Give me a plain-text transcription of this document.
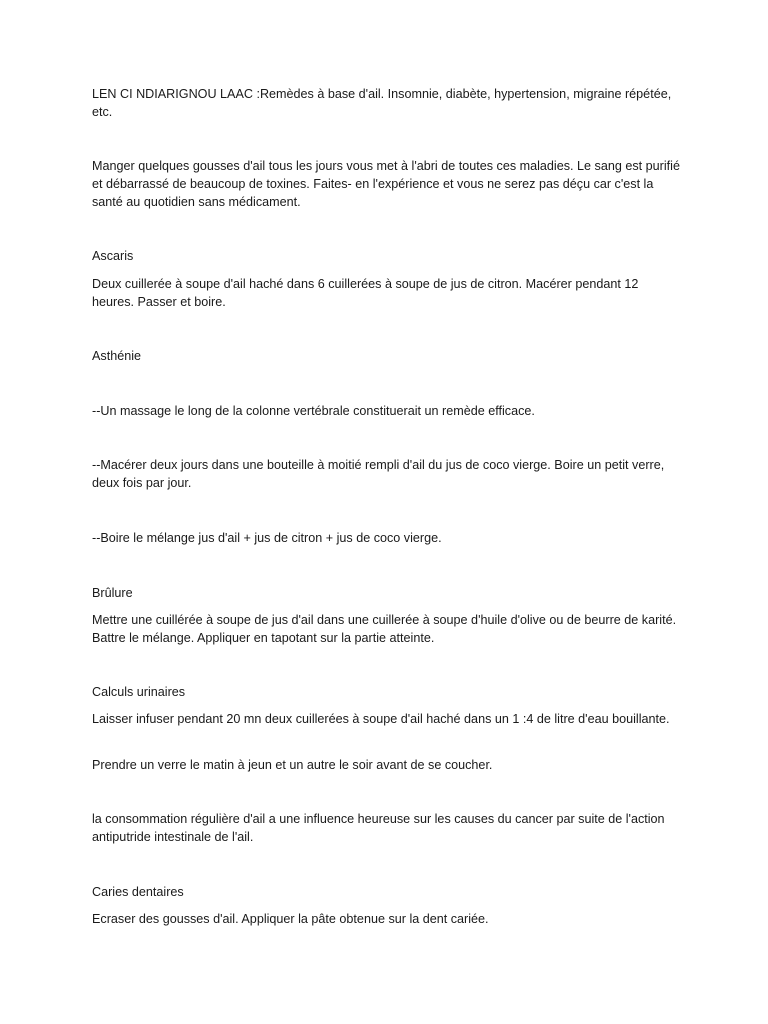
LEN CI NDIARIGNOU LAAC :Remèdes à base d'ail. Insomnie, diabète, hypertension, migraine répétée, etc.

Manger quelques gousses d'ail tous les jours vous met à l'abri de toutes ces maladies. Le sang est purifié et débarrassé de beaucoup de toxines. Faites- en l'expérience et vous ne serez pas déçu car c'est la santé au quotidien sans médicament.

Ascaris

Deux cuillerée à soupe d'ail haché dans 6 cuillerées à soupe de jus de citron. Macérer pendant 12 heures. Passer et boire.

Asthénie

--Un massage le long de la colonne vertébrale constituerait un remède efficace.

--Macérer deux jours dans une bouteille à moitié rempli d'ail du jus de coco vierge. Boire un petit verre, deux fois par jour.

--Boire le mélange jus d'ail + jus de citron + jus de coco vierge.

Brûlure

Mettre une cuillérée à soupe de jus d'ail dans une cuillerée à soupe d'huile d'olive ou de beurre de karité. Battre le mélange. Appliquer en tapotant sur la partie atteinte.

Calculs urinaires

Laisser infuser pendant 20 mn deux cuillerées à soupe d'ail haché dans un 1 :4 de litre d'eau bouillante.

Prendre un verre le matin à jeun et un autre le soir avant de se coucher.

la consommation régulière d'ail a une influence heureuse sur les causes du cancer par suite de l'action antiputride intestinale de l'ail.

Caries dentaires

Ecraser des gousses d'ail. Appliquer la pâte obtenue sur la dent cariée.
